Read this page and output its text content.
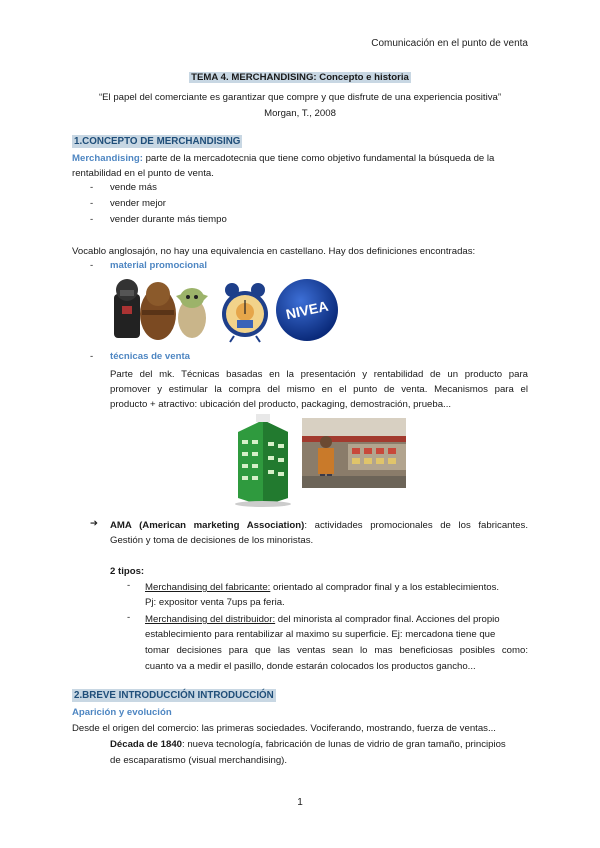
Comunicación en el punto de venta
TEMA 4. MERCHANDISING: Concepto e historia
“El papel del comerciante es garantizar que compre y que disfrute de una experiencia positiva”
Morgan, T., 2008
1.CONCEPTO DE MERCHANDISING
Merchandising: parte de la mercadotecnia que tiene como objetivo fundamental la búsqueda de la
rentabilidad en el punto de venta.
- vende más
- vender mejor
- vender durante más tiempo
Vocablo anglosajón, no hay una equivalencia en castellano. Hay dos definiciones encontradas:
- material promocional
NIVEA
- técnicas de venta
Parte del mk. Técnicas basadas en la presentación y rentabilidad de un producto para
promover y estimular la compra del mismo en el punto de venta. Mecanismos para el
producto + atractivo: ubicación del producto, packaging, demostración, prueba...
➔ AMA (American marketing Association): actividades promocionales de los fabricantes.
Gestión y toma de decisiones de los minoristas.
2 tipos:
- Merchandising del fabricante: orientado al comprador final y a los establecimientos.
Pj: expositor venta 7ups pa feria.
- Merchandising del distribuidor: del minorista al comprador final. Acciones del propio
establecimiento para rentabilizar al maximo su superficie. Ej: mercadona tiene que
tomar decisiones para que las ventas sean lo mas beneficiosas posibles como:
cuanto va a medir el pasillo, donde estarán colocados los productos gancho...
2.BREVE INTRODUCCIÓN INTRODUCCIÓN
Aparición y evolución
Desde el origen del comercio: las primeras sociedades. Vociferando, mostrando, fuerza de ventas...
Década de 1840: nueva tecnología, fabricación de lunas de vidrio de gran tamaño, principios
de escaparatismo (visual merchandising).
1
